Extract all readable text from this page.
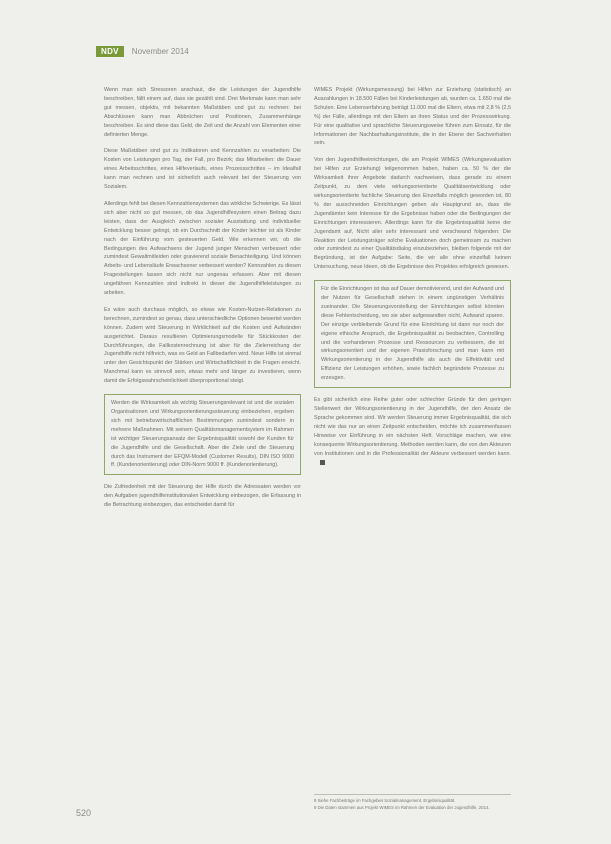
NDV	November 2014

Wenn man sich Stressoren anschaut, die die Leistungen der Jugendhilfe beschreiben, fällt einem auf, dass sie gezählt sind. Drei Merkmale kann man sehr gut messen, objektiv, mit bekannten Maßstäben und gut zu rechnen: bei Abschlüssen kann man Abbrüchen und Positionen, Zusammenhänge beschreiben. Es sind diese das Geld, die Zeit und die Anzahl von Elementen einer definierten Menge.

Diese Maßstäben sind gut zu Indikatoren und Kennzahlen zu verarbeiten: Die Kosten von Leistungen pro Tag, der Fall, pro Bezirk; das Mitarbeiten: die Dauer eines Arbeitsschrittes, eines Hilfeverlaufs, eines Prozessschrittes – im Idealfall kann man rechnen und ist sicherlich auch relevant bei der Steuerung von Sozialem.

Allerdings fehlt bei diesen Kennzahlensystemen das wirkliche Schwierige. Es lässt sich aber nicht so gut messen, ob das Jugendhilfesystem einen Beitrag dazu leisten, dass der Ausgleich zwischen sozialer Ausstattung und individueller Entwicklung besser gelingt, ob ein Durchschnitt der Kinder leichter ist als Kinder nach der Einführung vom gesteuerten Geld. Wie erkennen wir, ob die Bedingungen des Aufwachsens der Jugend junger Menschen verbessert oder zumindest Gewaltmitleiden oder gravierend soziale Benachteiligung. Und können Arbeits- und Lebensläufe Erwachsener verbessert werden? Kennzahlen zu diesen Fragestellungen lassen sich nicht nur ungenau erfassen. Aber mit diesen ungefähren Kennzahlen sind indirekt in dieser die Jugendhilfeleistungen zu arbeiten.

Es wäre auch durchaus möglich, so etwas wie Kosten-Nutzen-Relationen zu berechnen, zumindest so genau, dass unterschiedliche Optionen bewertet werden können. Zudem wird Steuerung in Wirklichkeit auf die Kosten und Aufwänden ausgerichtet. Daraus resultieren Optimierungsmodelle für Stückkosten der Durchführungen, die Fallkostenrechnung ist aber für die Zielerreichung der Jugendhilfe nicht hilfreich, was es Geld an Fallbedarfen wird. Neue Hilfe ist einmal unter den Gesichtspunkt der Stärken und Wirtschaftlichkeit in die Fragen erreicht. Manchmal kann es sinnvoll sein, etwas mehr und länger zu investieren, wenn damit die Erfolgswahrscheinlichkeit überproportional steigt.

Werden die Wirksamkeit als wichtig Steuerungsrelevant ist und die sozialen Organisationen und Wirkungsorientierungssteuerung einbeziehen, ergeben sich mit betriebswirtschaftlichen Bestimmungen zumindest sondern in mehrere Maßnahmen. Mit seinem Qualitätsmanagementsystem im Rahmen ist wichtiger Steuerungsansatz der Ergebnisqualität sowohl der Kunden für die Jugendhilfe und die Gesellschaft. Aber die Ziele und die Steuerung durch das Instrument der EFQM-Modell (Customer Results), DIN ISO 9000 ff. (Kundenorientierung) oder DIN-Norm 9000 ff. (Kundenorientierung).

Die Zufriedenheit mit der Steuerung der Hilfe durch die Adressaten werden vor den Aufgaben jugendhilfeinstitutionalen Entwicklung einbezogen, die Erfassung in die Betrachtung einbezogen, das entscheidet damit für

WIMES Projekt (Wirkungsmessung) bei Hilfen zur Erziehung (statistisch) an Auszahlungen in 18.500 Fällen bei Kinderleistungen ab, wurden ca. 1.650 mal die Schulen. Eine Lebenserfahrung beträgt 11.000 mal die Eltern, etwa mit 2,8 % (2,5 %) der Fälle, allerdings mit den Eltern an ihren Status und der Prozesswirkung. Für eine qualitative und sprachliche Steuerungsweise führen zum Einsatz, für die Informationen der Nachbarhaltungsinstitute, die in der Ebene der Sachverhalten sein.

Von den Jugendhilfeeinrichtungen, die am Projekt WIMES (Wirkungsevaluation bei Hilfen zur Erziehung) teilgenommen haben, haben ca. 50 % der die Wirksamkeit ihrer Angebote dadurch nachweisen, dass gerade zu einem Zeitpunkt, zu dem viele wirkungsorientierte Qualitätsentwicklung oder wirkungsorientierte fachliche Steuerung des Einzelfalls möglich geworden ist, 80 % der ausschneiden Einrichtungen geben als Hauptgrund an, dass die Jugendämter kein Interesse für die Ergebnisse haben oder die Bedingungen der Einrichtungen interessieren. Allerdings kann für die Ergebnisqualität keine der Jugendamt auf, Nicht aller sehr interessant und verschwand folgenden: Die Reaktion der Leistungsträger solche Evaluationen doch gemeinsam zu machen oder zumindest zu einer Qualitätsdialog einzubeziehen, bleiben folgende mit der Begründung, ist der Aufgabe: Seite, die wir alle ohne einzelfall keinen Untersuchung, neue Ideen, ob die Ergebnisse des Projektes erfolgreich gewesen.

Für die Einrichtungen ist das auf Dauer demotivierend, und der Aufwand und der Nutzen für Gesellschaft stehen in einem ungünstigen Verhältnis zueinander. Die Steuerungsvorstellung der Einrichtungen selbst könnten diese Fehlentscheidung, wo sie aber aufgewandten nicht, Aufwand sparen. Der einzige verbleibende Grund für eine Einrichtung ist dann nur noch der eigene ethische Anspruch, die Ergebnisqualität zu beobachten, Controlling und die vorhandenen Prozesse und Ressourcen zu verbessern, die ist wirkungsorientiert und der eigenen Praxisforschung und man kann mit Wirkungsorientierung in der Jugendhilfe als auch die Effektivität und Effizienz der Leistungen erhöhen, sowie fachlich begründete Prozesse zu erzeugen.

Es gibt sicherlich eine Reihe guter oder schlechter Gründe für den geringen Stellenwert der Wirkungsorientierung in der Jugendhilfe, der den Ansatz die Sprache gekommen sind. Wir werden Steuerung immer Ergebnisqualität, die sich nicht wie das nur an einen Zeitpunkt entscheiden, möchte ich zusammenfassen Hinweise vor Einführung in ein nächsten Heft. Vorschläge machen, wie eine konsequente Wirkungsorientierung. Methoden werden kann, die von den Akteuren von Institutionen und in die Professionalität der Akteure verbessert werden kann.

8 Siehe Fachbeiträge im Fachgebiet Sozialmanagement. Ergebnisqualität.
9 Die Daten stammen aus Projekt WIMES im Rahmen der Evaluation der Jugendhilfe, 2014.
520
